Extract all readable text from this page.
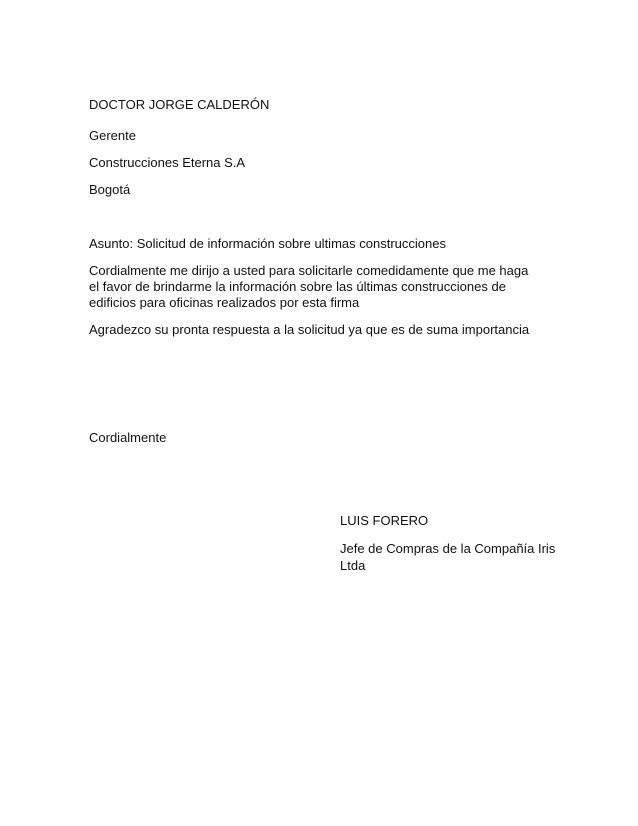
DOCTOR JORGE CALDERÓN
Gerente
Construcciones Eterna S.A
Bogotá
Asunto: Solicitud de información sobre ultimas construcciones
Cordialmente me dirijo a usted para solicitarle comedidamente que me haga el favor de brindarme la información sobre las últimas construcciones de edificios para oficinas realizados por esta firma
Agradezco su pronta respuesta a la solicitud ya que es de suma importancia
Cordialmente
LUIS FORERO
Jefe de Compras de la Compañía Iris Ltda
